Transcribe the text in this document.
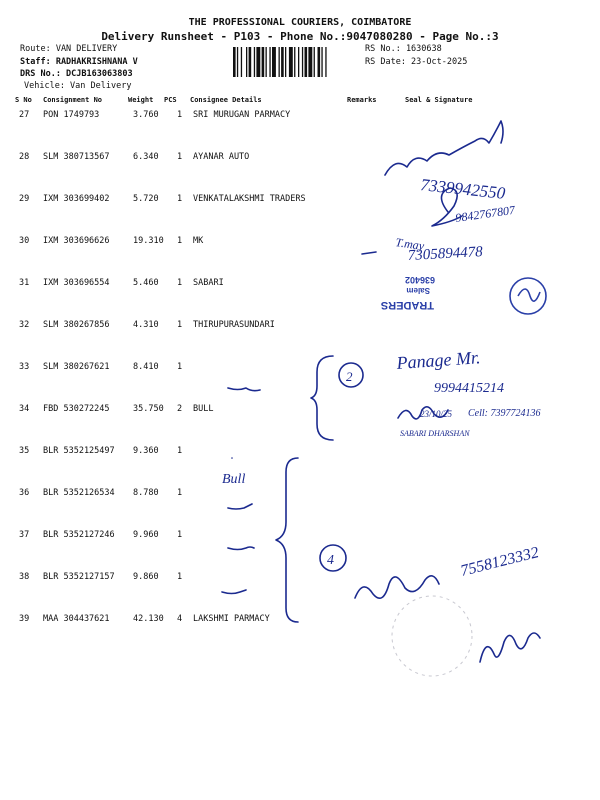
THE PROFESSIONAL COURIERS, COIMBATORE
Delivery Runsheet - P103 - Phone No.:9047080280 - Page No.:3
Route: VAN DELIVERY
Staff: RADHAKRISHNANA V
DRS No.: DCJB163063803
Vehicle: Van Delivery
RS No.: 1630638
RS Date: 23-Oct-2025
S No Consignment No	Weight PCS Consignee Details	Remarks	Seal & Signature
27 PON 1749793	3.760 1 SRI MURUGAN PARMACY
28 SLM 380713567	6.340 1 AYANAR AUTO
29 IXM 303699402	5.720 1 VENKATALAKSHMI TRADERS
30 IXM 303696626	19.310 1 MK
31 IXM 303696554	5.460 1 SABARI
32 SLM 380267856	4.310 1 THIRUPURASUNDARI
33 SLM 380267621	8.410 1
34 FBD 530272245	35.750 2 BULL
35 BLR 5352125497 9.360 1
36 BLR 5352126534 8.780 1
37 BLR 5352127246 9.960 1
38 BLR 5352127157 9.860 1
39 MAA 304437621	42.130 4 LAKSHMI PARMACY
7339942550
9842767807
T.may
7305894478
2
Panage Mr.
9994415214
23/10/25 Cell: 7397724136
SABARI DHARSHAN
Bull
4	7558123332
636402
Salem
TRADERS
